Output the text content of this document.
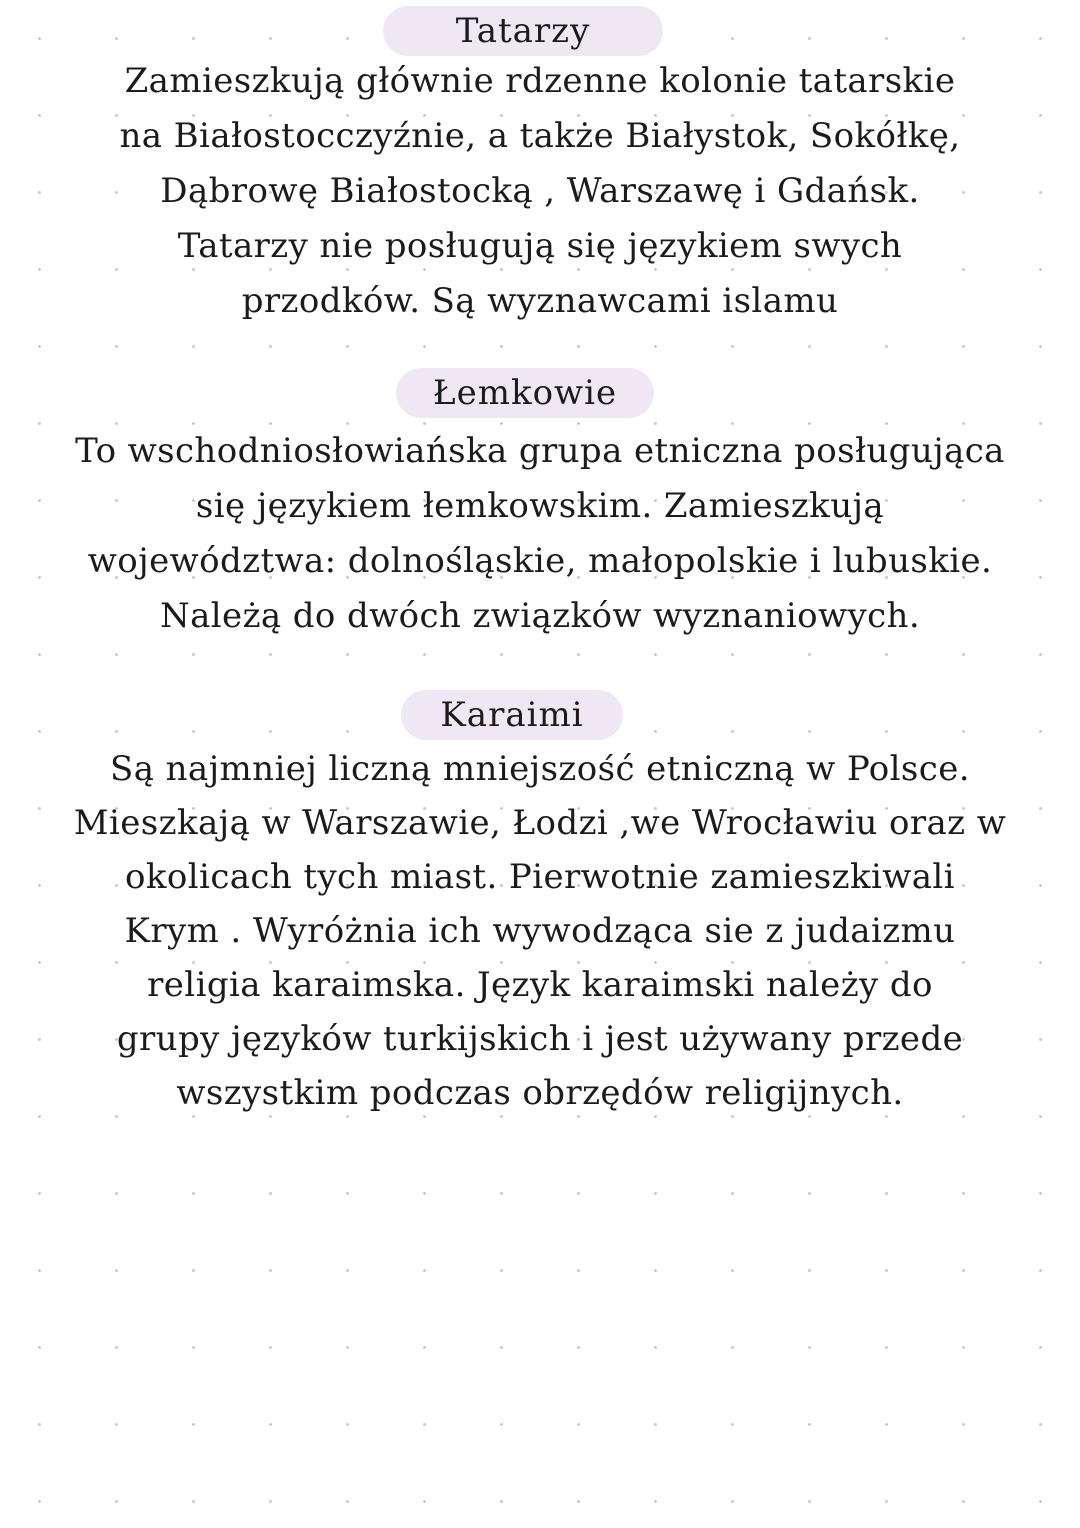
Tatarzy
Zamieszkują głównie rdzenne kolonie tatarskie
na Białostocczyźnie, a także Białystok, Sokółkę,
Dąbrowę Białostocką , Warszawę i Gdańsk.
Tatarzy nie posługują się językiem swych
przodków. Są wyznawcami islamu
Łemkowie
To wschodniosłowiańska grupa etniczna posługująca
się językiem łemkowskim. Zamieszkują
województwa: dolnośląskie, małopolskie i lubuskie.
Należą do dwóch związków wyznaniowych.
Karaimi
Są najmniej liczną mniejszość etniczną w Polsce.
Mieszkają w Warszawie, Łodzi ,we Wrocławiu oraz w
okolicach tych miast. Pierwotnie zamieszkiwali
Krym . Wyróżnia ich wywodząca sie z judaizmu
religia karaimska. Język karaimski należy do
grupy języków turkijskich i jest używany przede
wszystkim podczas obrzędów religijnych.
